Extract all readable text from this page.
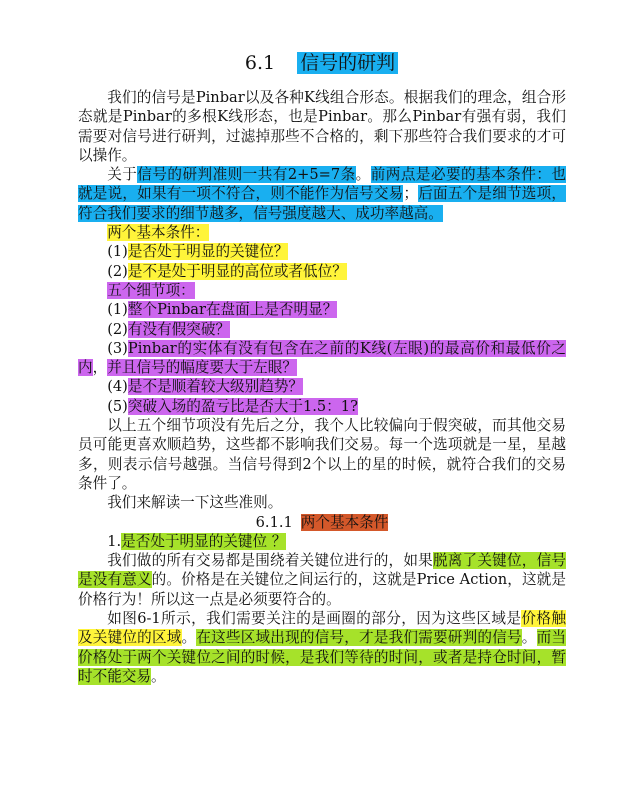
6.1 信号的研判

我们的信号是Pinbar以及各种K线组合形态。根据我们的理念，组合形态就是Pinbar的多根K线形态，也是Pinbar。那么Pinbar有强有弱，我们需要对信号进行研判，过滤掉那些不合格的，剩下那些符合我们要求的才可以操作。

关于信号的研判准则一共有2+5=7条。前两点是必要的基本条件：也就是说，如果有一项不符合，则不能作为信号交易；后面五个是细节选项，符合我们要求的细节越多，信号强度越大、成功率越高。

两个基本条件：

(1)是否处于明显的关键位？

(2)是不是处于明显的高位或者低位？

五个细节项：

(1)整个Pinbar在盘面上是否明显？

(2)有没有假突破？

(3)Pinbar的实体有没有包含在之前的K线(左眼)的最高价和最低价之内，并且信号的幅度要大于左眼？

(4)是不是顺着较大级别趋势？

(5)突破入场的盈亏比是否大于1.5：1?

以上五个细节项没有先后之分，我个人比较偏向于假突破，而其他交易员可能更喜欢顺趋势，这些都不影响我们交易。每一个选项就是一星，星越多，则表示信号越强。当信号得到2个以上的星的时候，就符合我们的交易条件了。

我们来解读一下这些准则。

6.1.1 两个基本条件

1.是否处于明显的关键位 ？

我们做的所有交易都是围绕着关键位进行的，如果脱离了关键位，信号是没有意义的。价格是在关键位之间运行的，这就是Price Action，这就是价格行为！所以这一点是必须要符合的。

如图6-1所示，我们需要关注的是画圈的部分，因为这些区域是价格触及关键位的区域。在这些区域出现的信号，才是我们需要研判的信号。而当价格处于两个关键位之间的时候，是我们等待的时间，或者是持仓时间，暂时不能交易。
